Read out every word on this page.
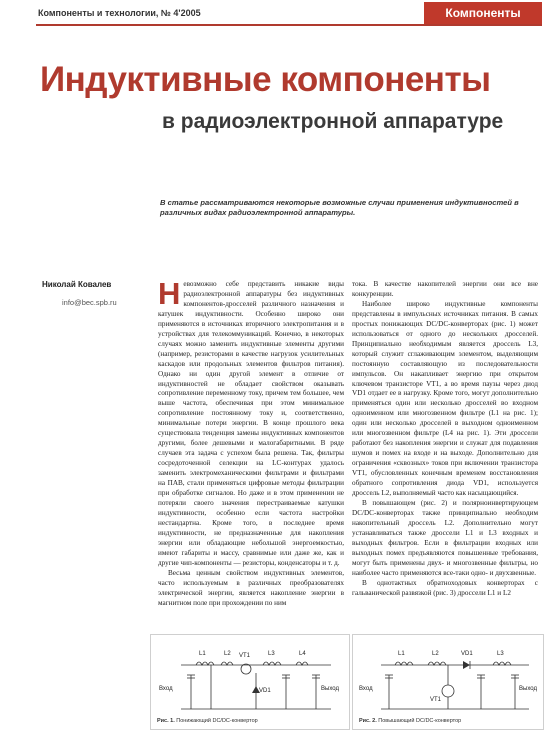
Компоненты и технологии, № 4'2005	Компоненты
Индуктивные компоненты
в радиоэлектронной аппаратуре
В статье рассматриваются некоторые возможные случаи применения индуктивностей в различных видах радиоэлектронной аппаратуры.
Николай Ковалев
info@bec.spb.ru Невозможно себе представить никакие виды радиоэлектронной аппаратуры без индуктивных компонентов-дросселей различного назначения и катушек индуктивности. Особенно широко они применяются в источниках вторичного электропитания и в устройствах для телекоммуникаций. Конечно, в некоторых случаях можно заменить индуктивные элементы другими (например, резисторами в качестве нагрузок усилительных каскадов или продольных элементов фильтров питания). Однако ни один другой элемент в отличие от индуктивностей не обладает свойством оказывать сопротивление переменному току, причем тем большее, чем выше частота, обеспечивая при этом минимальное сопротивление постоянному току и, соответственно, минимальные потери энергии. В конце прошлого века существовала тенденция замены индуктивных компонентов другими, более дешевыми и малогабаритными. В ряде случаев эта задача с успехом была решена. Так, фильтры сосредоточенной селекции на LC-контурах удалось заменить электромеханическими фильтрами и фильтрами на ПАВ, стали применяться цифровые методы фильтрации при обработке сигналов. Но даже и в этом применении не потеряли своего значения перестраиваемые катушки индуктивности, особенно если частота настройки нестандартна. Кроме того, в последнее время индуктивности, не предназначенные для накопления энергии или обладающие небольшой энергоемкостью, имеют габариты и массу, сравнимые или даже же, как и другие чип-компоненты — резисторы, конденсаторы и т. д.

Весьма ценным свойством индуктивных элементов, часто используемым в различных преобразователях электрической энергии, является накопление энергии в магнитном поле при прохождении по ним

тока. В качестве накопителей энергии они все вне конкуренции.

Наиболее широко индуктивные компоненты представлены в импульсных источниках питания. В самых простых понижающих DC/DC-конверторах (рис. 1) может использоваться от одного до нескольких дросселей. Принципиально необходимым является дроссель L3, который служит сглаживающим элементом, выделяющим постоянную составляющую из последовательности импульсов. Он накапливает энергию при открытом ключевом транзисторе VT1, а во время паузы через диод VD1 отдает ее в нагрузку. Кроме того, могут дополнительно применяться один или несколько дросселей во входном одноименном или многозвенном фильтре (L1 на рис. 1); один или несколько дросселей в выходном одноименном или многозвенном фильтре (L4 на рис. 1). Эти дроссели работают без накопления энергии и служат для подавления шумов и помех на входе и на выходе. Дополнительно для ограничения «сквозных» токов при включении транзистора VT1, обусловленных конечным временем восстановления обратного сопротивления диода VD1, используется дроссель L2, выполняемый часто как насыщающийся.

В повышающем (рис. 2) и полярноинвертирующем DC/DC-конверторах также принципиально необходим накопительный дроссель L2. Дополнительно могут устанавливаться также дроссели L1 и L3 входных и выходных фильтров. Если в фильтрации входных или выходных помех предъявляются повышенные требования, могут быть применены двух- и многозвенные фильтры, но наиболее часто применяются все-таки одно- и двухзвенные.

В однотактных обратноходовых конверторах с гальванической развязкой (рис. 3) дроссели L1 и L2

L1	L2 VT1	L3	L4
VD1
Вход	Выход
Рис. 1. Понижающий DC/DC-конвертор
L1	L2	VD1	L3
VT1
Вход	Выход
Рис. 2. Повышающий DC/DC-конвертор
